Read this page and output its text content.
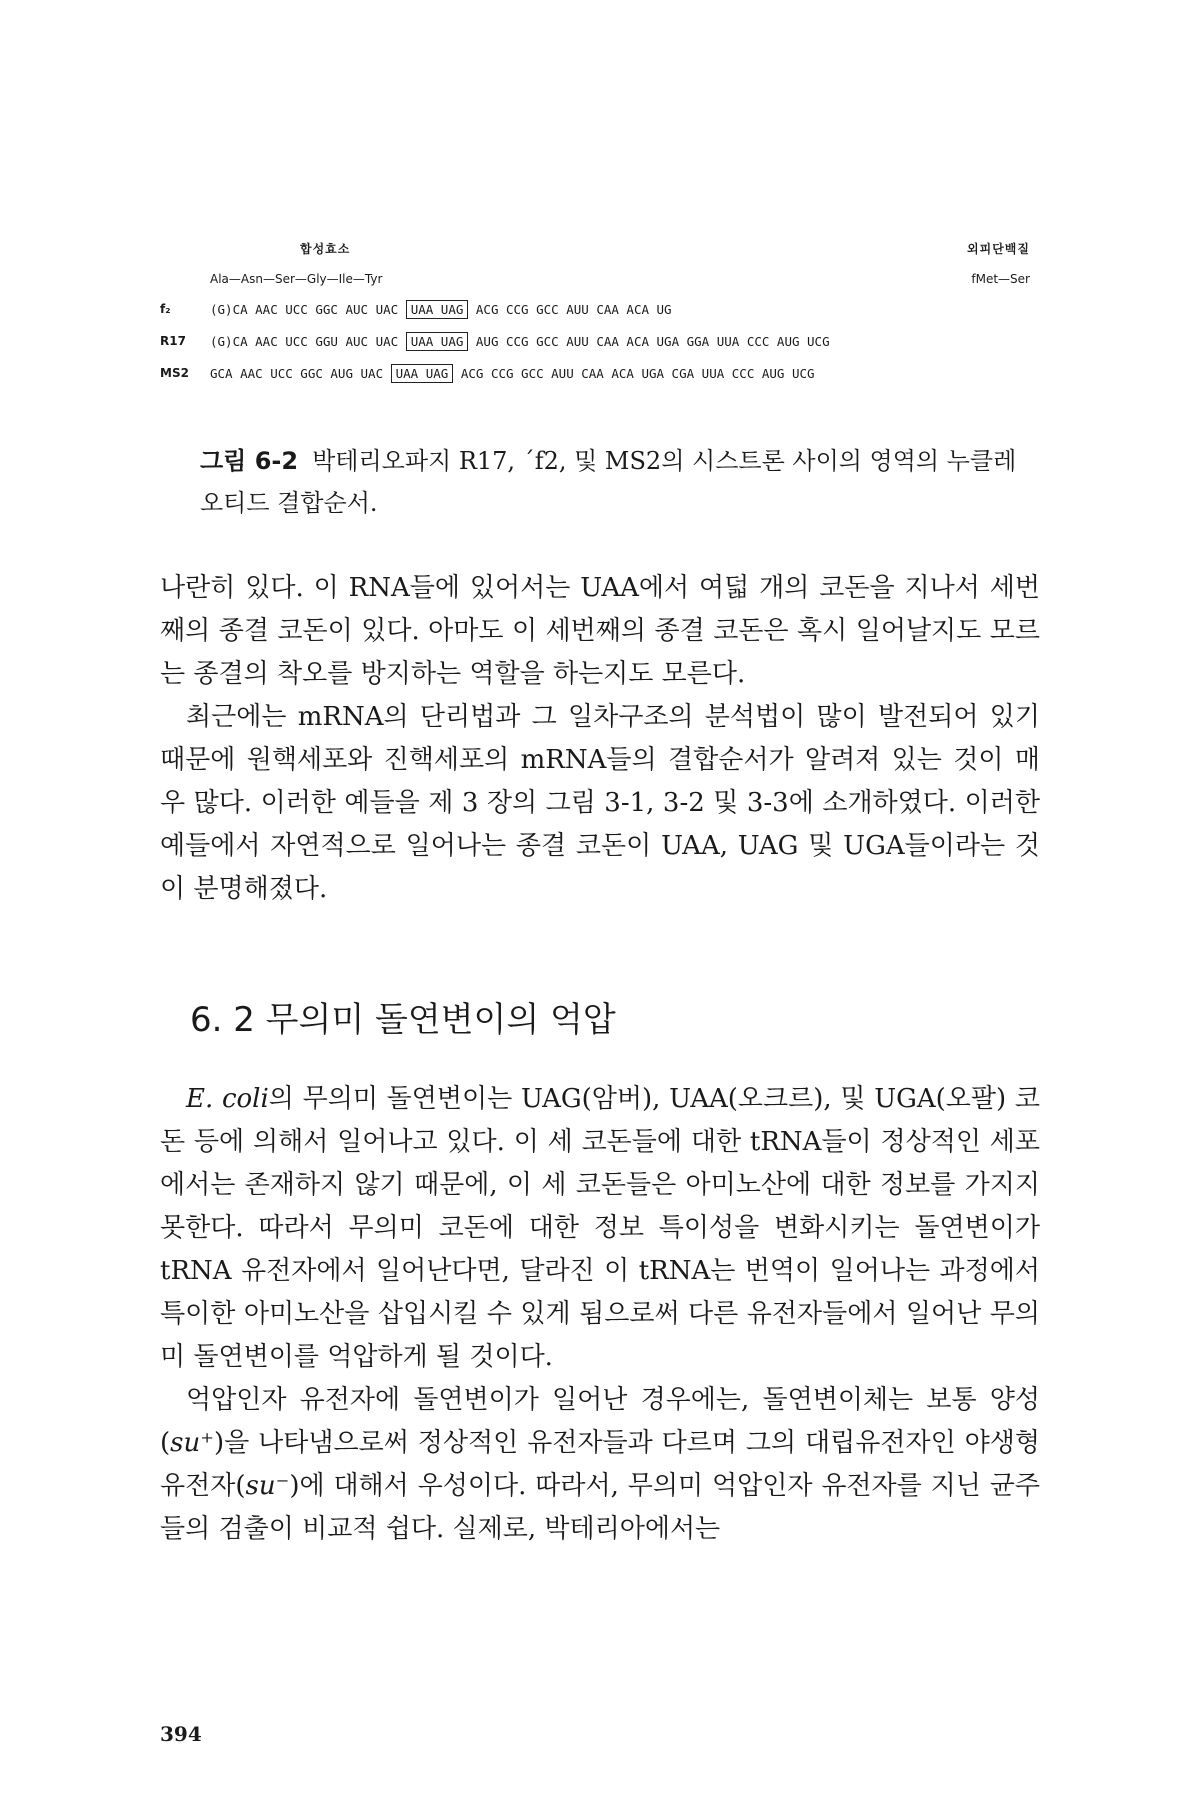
합성효소	외피단백질
Ala—Asn—Ser—Gly—Ile—Tyr	fMet—Ser
f₂	(G)CA AAC UCC GGC AUC UAC UAA UAG ACG CCG GCC AUU CAA ACA UG
R17	(G)CA AAC UCC GGU AUC UAC UAA UAG AUG CCG GCC AUU CAA ACA UGA GGA UUA CCC AUG UCG
MS2	GCA AAC UCC GGC AUG UAC UAA UAG ACG CCG GCC AUU CAA ACA UGA CGA UUA CCC AUG UCG
그림 6-2 박테리오파지 R17, ˊf2, 및 MS2의 시스트론 사이의 영역의 누클레오티드 결합순서.

나란히 있다. 이 RNA들에 있어서는 UAA에서 여덟 개의 코돈을 지나서 세번째의 종결 코돈이 있다. 아마도 이 세번째의 종결 코돈은 혹시 일어날지도 모르는 종결의 착오를 방지하는 역할을 하는지도 모른다.

최근에는 mRNA의 단리법과 그 일차구조의 분석법이 많이 발전되어 있기 때문에 원핵세포와 진핵세포의 mRNA들의 결합순서가 알려져 있는 것이 매우 많다. 이러한 예들을 제 3 장의 그림 3-1, 3-2 및 3-3에 소개하였다. 이러한 예들에서 자연적으로 일어나는 종결 코돈이 UAA, UAG 및 UGA들이라는 것이 분명해졌다.

6. 2 무의미 돌연변이의 억압

E. coli의 무의미 돌연변이는 UAG(암버), UAA(오크르), 및 UGA(오팔) 코돈 등에 의해서 일어나고 있다. 이 세 코돈들에 대한 tRNA들이 정상적인 세포에서는 존재하지 않기 때문에, 이 세 코돈들은 아미노산에 대한 정보를 가지지 못한다. 따라서 무의미 코돈에 대한 정보 특이성을 변화시키는 돌연변이가 tRNA 유전자에서 일어난다면, 달라진 이 tRNA는 번역이 일어나는 과정에서 특이한 아미노산을 삽입시킬 수 있게 됨으로써 다른 유전자들에서 일어난 무의미 돌연변이를 억압하게 될 것이다.

억압인자 유전자에 돌연변이가 일어난 경우에는, 돌연변이체는 보통 양성 (su⁺)을 나타냄으로써 정상적인 유전자들과 다르며 그의 대립유전자인 야생형 유전자(su⁻)에 대해서 우성이다. 따라서, 무의미 억압인자 유전자를 지닌 균주들의 검출이 비교적 쉽다. 실제로, 박테리아에서는

394
